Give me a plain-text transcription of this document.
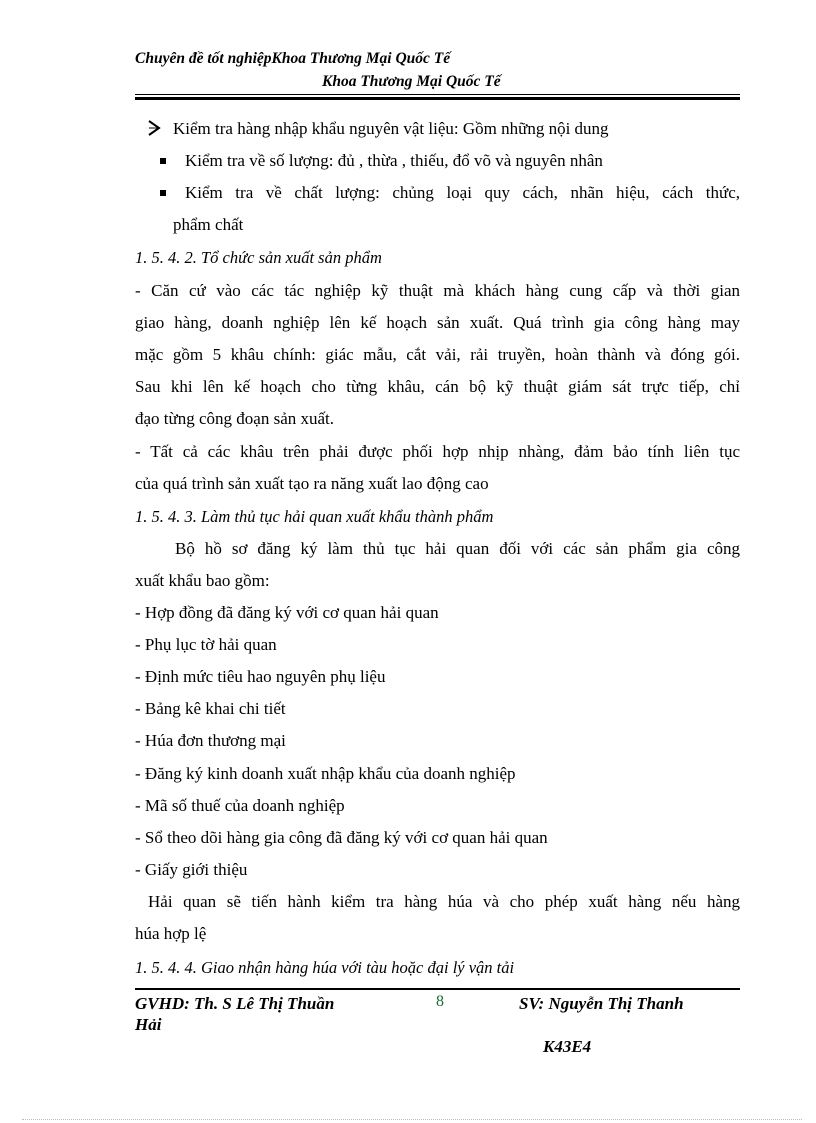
Chuyên đề tốt nghiệpKhoa Thương Mại Quốc Tế
Khoa Thương Mại Quốc Tế
Kiểm tra hàng nhập khẩu nguyên vật liệu: Gồm những nội dung
Kiểm tra về số lượng: đủ , thừa , thiếu, đổ võ và nguyên nhân
Kiểm tra về chất lượng: chủng loại quy cách, nhãn hiệu, cách thức,
phẩm chất
1. 5. 4. 2. Tổ chức sản xuất sản phẩm
- Căn cứ vào các tác nghiệp kỹ thuật mà khách hàng cung cấp và thời gian
giao hàng, doanh nghiệp lên kế hoạch sản xuất. Quá trình gia công hàng may
mặc gồm 5 khâu chính: giác mẫu, cắt vải, rải truyền, hoàn thành và đóng gói.
Sau khi lên kế hoạch cho từng khâu, cán bộ kỹ thuật giám sát trực tiếp, chỉ
đạo từng công đoạn sản xuất.
- Tất cả các khâu trên phải được phối hợp nhịp nhàng, đảm bảo tính liên tục
của quá trình sản xuất tạo ra năng xuất lao động cao
1. 5. 4. 3. Làm thủ tục hải quan xuất khẩu thành phẩm
Bộ hồ sơ đăng ký làm thủ tục hải quan đối với các sản phẩm gia công
xuất khẩu bao gồm:
- Hợp đồng đã đăng ký với cơ quan hải quan
- Phụ lục tờ hải quan
- Định mức tiêu hao nguyên phụ liệu
- Bảng kê khai chi tiết
- Húa đơn thương mại
- Đăng ký kinh doanh xuất nhập khẩu của doanh nghiệp
- Mã số thuế của doanh nghiệp
- Sổ theo dõi hàng gia công đã đăng ký với cơ quan hải quan
- Giấy giới thiệu
Hải quan sẽ tiến hành kiểm tra hàng húa và cho phép xuất hàng nếu hàng
húa hợp lệ
1. 5. 4. 4. Giao nhận hàng húa với tàu hoặc đại lý vận tải
GVHD: Th. S Lê Thị Thuần
Hải
8	SV: Nguyễn Thị Thanh
K43E4
